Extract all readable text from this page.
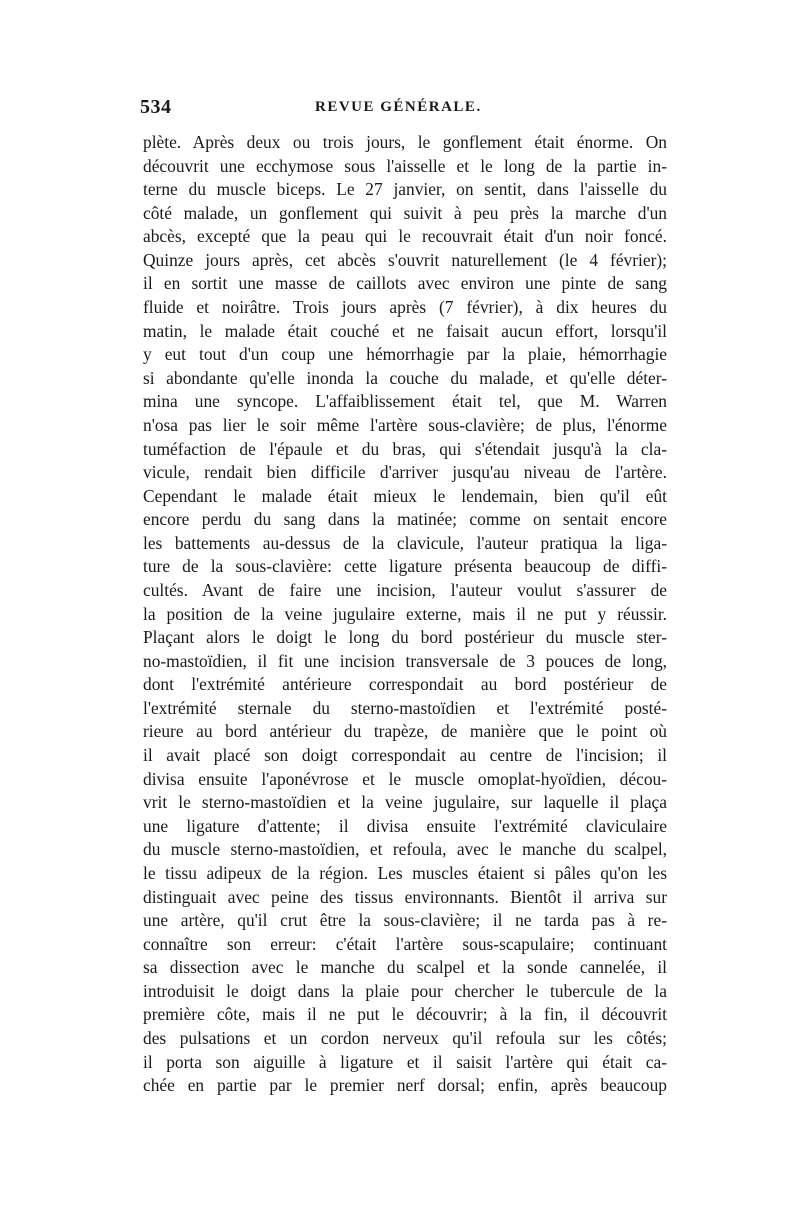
534	REVUE GÉNÉRALE.
plète. Après deux ou trois jours, le gonflement était énorme. On
découvrit une ecchymose sous l'aisselle et le long de la partie in-
terne du muscle biceps. Le 27 janvier, on sentit, dans l'aisselle du
côté malade, un gonflement qui suivit à peu près la marche d'un
abcès, excepté que la peau qui le recouvrait était d'un noir foncé.
Quinze jours après, cet abcès s'ouvrit naturellement (le 4 février);
il en sortit une masse de caillots avec environ une pinte de sang
fluide et noirâtre. Trois jours après (7 février), à dix heures du
matin, le malade était couché et ne faisait aucun effort, lorsqu'il
y eut tout d'un coup une hémorrhagie par la plaie, hémorrhagie
si abondante qu'elle inonda la couche du malade, et qu'elle déter-
mina une syncope. L'affaiblissement était tel, que M. Warren
n'osa pas lier le soir même l'artère sous-clavière; de plus, l'énorme
tuméfaction de l'épaule et du bras, qui s'étendait jusqu'à la cla-
vicule, rendait bien difficile d'arriver jusqu'au niveau de l'artère.
Cependant le malade était mieux le lendemain, bien qu'il eût
encore perdu du sang dans la matinée; comme on sentait encore
les battements au-dessus de la clavicule, l'auteur pratiqua la liga-
ture de la sous-clavière: cette ligature présenta beaucoup de diffi-
cultés. Avant de faire une incision, l'auteur voulut s'assurer de
la position de la veine jugulaire externe, mais il ne put y réussir.
Plaçant alors le doigt le long du bord postérieur du muscle ster-
no-mastoïdien, il fit une incision transversale de 3 pouces de long,
dont l'extrémité antérieure correspondait au bord postérieur de
l'extrémité sternale du sterno-mastoïdien et l'extrémité posté-
rieure au bord antérieur du trapèze, de manière que le point où
il avait placé son doigt correspondait au centre de l'incision; il
divisa ensuite l'aponévrose et le muscle omoplat-hyoïdien, décou-
vrit le sterno-mastoïdien et la veine jugulaire, sur laquelle il plaça
une ligature d'attente; il divisa ensuite l'extrémité claviculaire
du muscle sterno-mastoïdien, et refoula, avec le manche du scalpel,
le tissu adipeux de la région. Les muscles étaient si pâles qu'on les
distinguait avec peine des tissus environnants. Bientôt il arriva sur
une artère, qu'il crut être la sous-clavière; il ne tarda pas à re-
connaître son erreur: c'était l'artère sous-scapulaire; continuant
sa dissection avec le manche du scalpel et la sonde cannelée, il
introduisit le doigt dans la plaie pour chercher le tubercule de la
première côte, mais il ne put le découvrir; à la fin, il découvrit
des pulsations et un cordon nerveux qu'il refoula sur les côtés;
il porta son aiguille à ligature et il saisit l'artère qui était ca-
chée en partie par le premier nerf dorsal; enfin, après beaucoup
